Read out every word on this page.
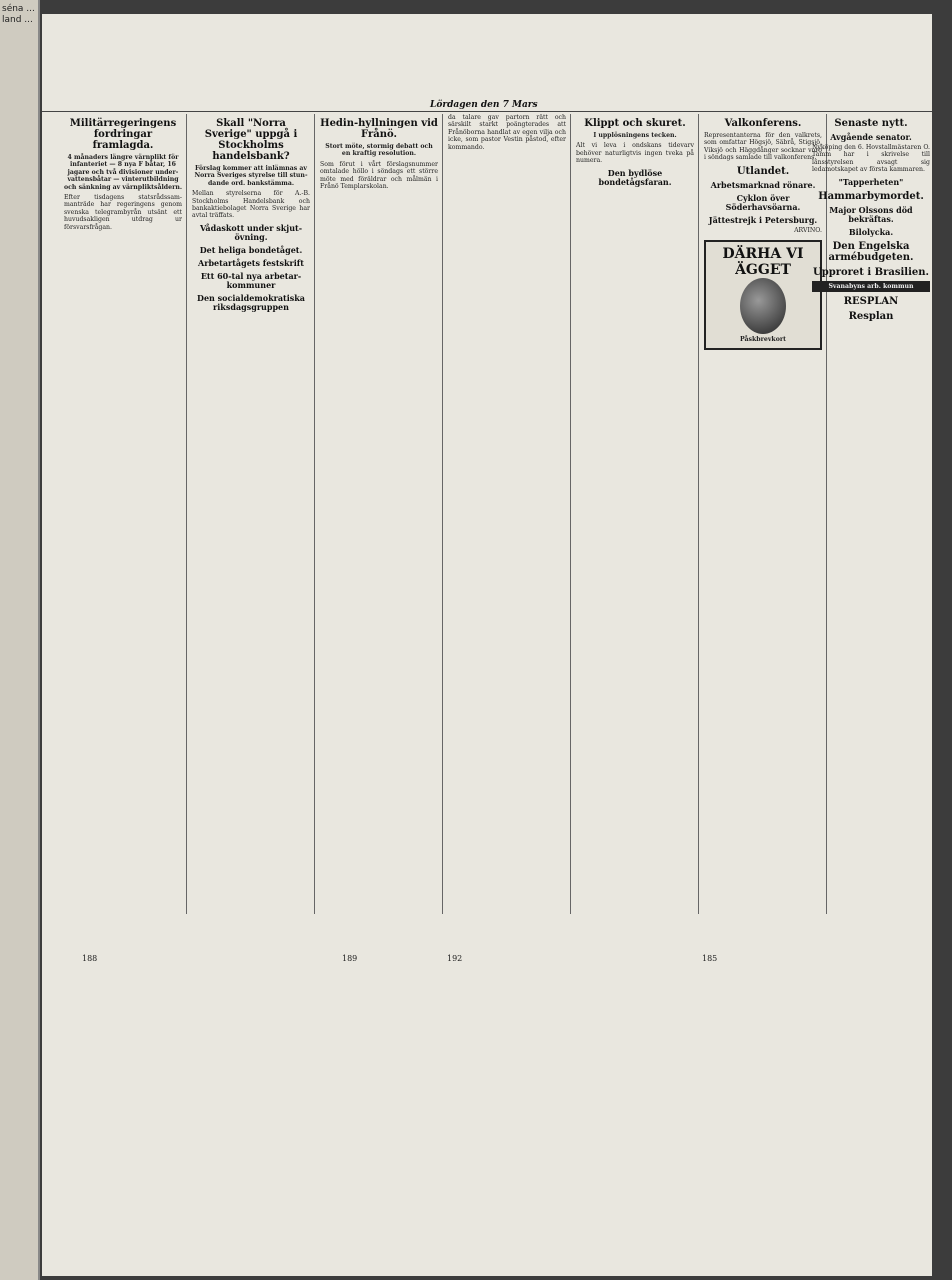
séna ... land ...
Lördagen den 7 Mars
Militärregeringens fordringar framlagda.

4 månaders längre värnplikt för infanteriet — 8 nya F båtar, 16 jagare och två divisioner undervattensbåtar — vinterutbildning och sänkning av värnpliktsåldern.

Efter tisdagens statsrådssammanträde har regeringens genom svenska telegrambyrån utsänt ett huvudsakligen utdrag ur försvarsfrågan.

Skall "Norra Sverige" uppgå i Stockholms handelsbank?

Förslag kommer att inlämnas av Norra Sveriges styrelse till stundande ord. bankstämma.

Mellan styrelserna för A.-B. Stockholms Handelsbank och bankaktiebolaget Norra Sverige har avtal träffats.

Vådaskott under skjutövning.
Det heliga bondetåget.
Arbetartågets festskrift
Ett 60-tal nya arbetarkommuner
Den socialdemokratiska riksdagsgruppen
Hedin-hyllningen vid Frånö.

Stort möte, stormig debatt och en kraftig resolution.

Som förut i vårt förslagsnummer omtalade höllo i söndags ett större möte med föräldrar och målmän i Frånö Templarskolan.

da talare gav partorn rätt och särskilt starkt poängterades att Frånöborna handlat av egen vilja och icke, som pastor Vestin påstod, efter kommando.

Klippt och skuret.

I upplösningens tecken.

Alt vi leva i ondskans tidevarv behöver naturligtvis ingen tveka på numera.

Den bydlöse bondetågsfaran.
Valkonferens.

Representanterna för den valkrets, som omfattar Högsjö, Säbrå, Stigsjö, Viksjö och Häggdånger socknar voro i söndags samlade till valkonferens.

Utlandet.
Arbetsmarknad rönare.
Cyklon över Söderhavsöarna.
Jättestrejk i Petersburg.

ARVINO.

DÄRHA VI ÄGGET
Påskbrevkort
Senaste nytt.
Avgående senator.

Nyköping den 6. Hovstallmästaren O. Tamm har i skrivelse till länsstyrelsen avsagt sig ledamotskapet av första kammaren.

"Tapperheten"
Hammarbymordet.
Major Olssons död bekräftas.
Bilolycka.
Den Engelska armébudgeten.
Upproret i Brasilien.
Svanabyns arb. kommun
RESPLAN
Resplan
188	189	192	185
